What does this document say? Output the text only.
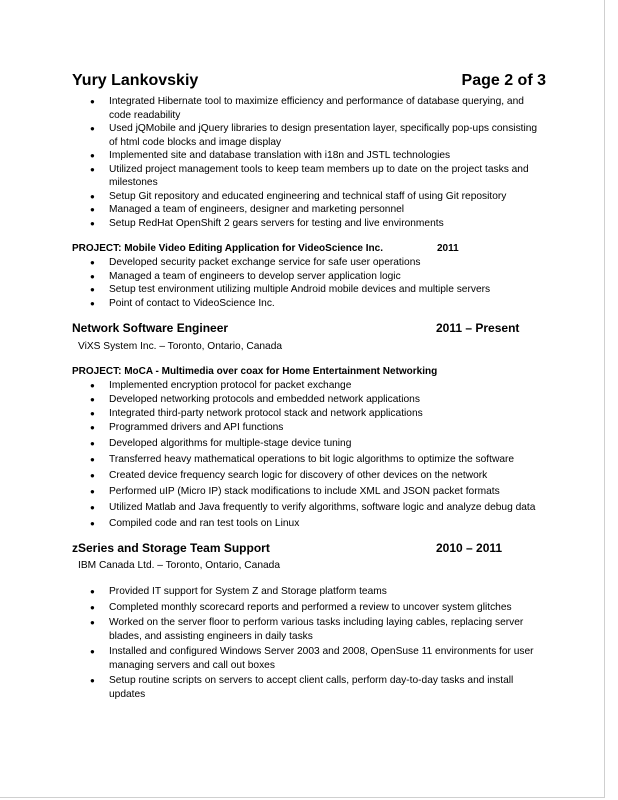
Yury Lankovskiy	Page 2 of 3
● Integrated Hibernate tool to maximize efficiency and performance of database querying, and code readability
● Used jQMobile and jQuery libraries to design presentation layer, specifically pop-ups consisting of html code blocks and image display
● Implemented site and database translation with i18n and JSTL technologies
● Utilized project management tools to keep team members up to date on the project tasks and milestones
● Setup Git repository and educated engineering and technical staff of using Git repository
● Managed a team of engineers, designer and marketing personnel
● Setup RedHat OpenShift 2 gears servers for testing and live environments
PROJECT: Mobile Video Editing Application for VideoScience Inc.	2011
● Developed security packet exchange service for safe user operations
● Managed a team of engineers to develop server application logic
● Setup test environment utilizing multiple Android mobile devices and multiple servers
● Point of contact to VideoScience Inc.
Network Software Engineer	2011 – Present
ViXS System Inc. – Toronto, Ontario, Canada
PROJECT: MoCA - Multimedia over coax for Home Entertainment Networking
● Implemented encryption protocol for packet exchange
● Developed networking protocols and embedded network applications
● Integrated third-party network protocol stack and network applications
● Programmed drivers and API functions
● Developed algorithms for multiple-stage device tuning
● Transferred heavy mathematical operations to bit logic algorithms to optimize the software
● Created device frequency search logic for discovery of other devices on the network
● Performed uIP (Micro IP) stack modifications to include XML and JSON packet formats
● Utilized Matlab and Java frequently to verify algorithms, software logic and analyze debug data
● Compiled code and ran test tools on Linux
zSeries and Storage Team Support	2010 – 2011
IBM Canada Ltd. – Toronto, Ontario, Canada
● Provided IT support for System Z and Storage platform teams
● Completed monthly scorecard reports and performed a review to uncover system glitches
● Worked on the server floor to perform various tasks including laying cables, replacing server blades, and assisting engineers in daily tasks
● Installed and configured Windows Server 2003 and 2008, OpenSuse 11 environments for user managing servers and call out boxes
● Setup routine scripts on servers to accept client calls, perform day-to-day tasks and install updates
